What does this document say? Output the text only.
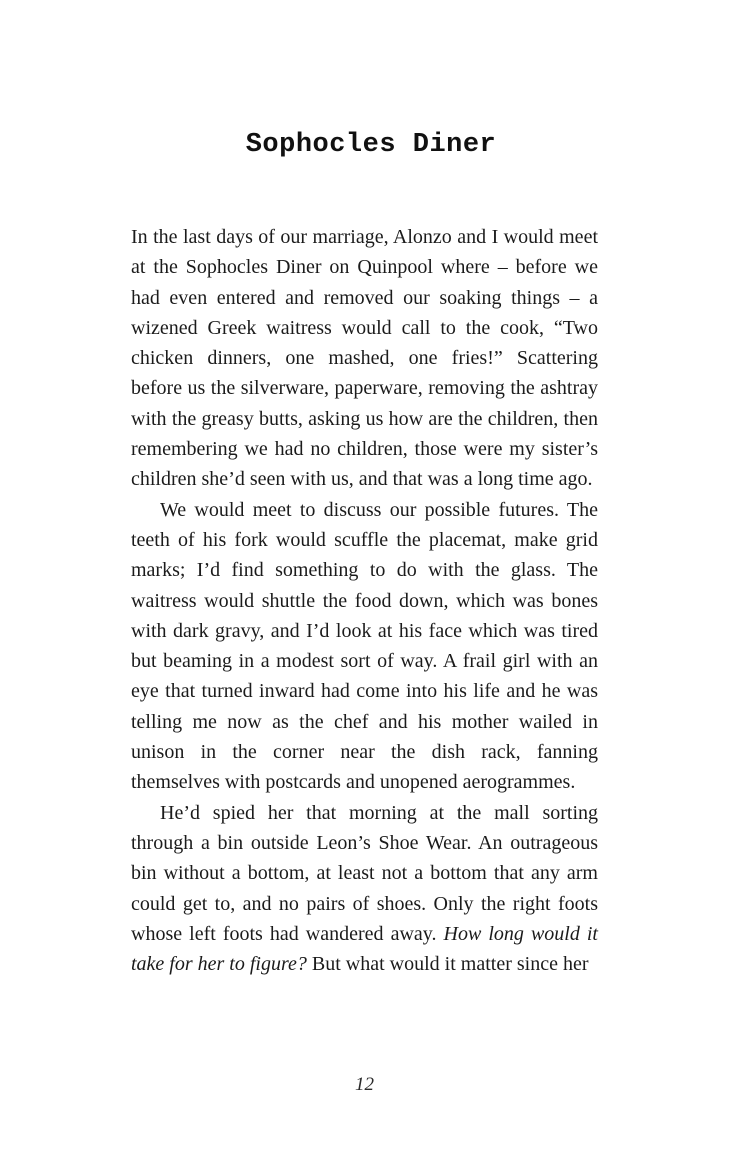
Sophocles Diner

In the last days of our marriage, Alonzo and I would meet at the Sophocles Diner on Quinpool where – before we had even entered and removed our soaking things – a wizened Greek waitress would call to the cook, “Two chicken dinners, one mashed, one fries!” Scattering before us the silverware, paperware, removing the ashtray with the greasy butts, asking us how are the children, then remembering we had no children, those were my sister’s children she’d seen with us, and that was a long time ago.

We would meet to discuss our possible futures. The teeth of his fork would scuffle the placemat, make grid marks; I’d find something to do with the glass. The waitress would shuttle the food down, which was bones with dark gravy, and I’d look at his face which was tired but beaming in a modest sort of way. A frail girl with an eye that turned inward had come into his life and he was telling me now as the chef and his mother wailed in unison in the corner near the dish rack, fanning themselves with postcards and unopened aerogrammes.

He’d spied her that morning at the mall sorting through a bin outside Leon’s Shoe Wear. An outrageous bin without a bottom, at least not a bottom that any arm could get to, and no pairs of shoes. Only the right foots whose left foots had wandered away. How long would it take for her to figure? But what would it matter since her

12
